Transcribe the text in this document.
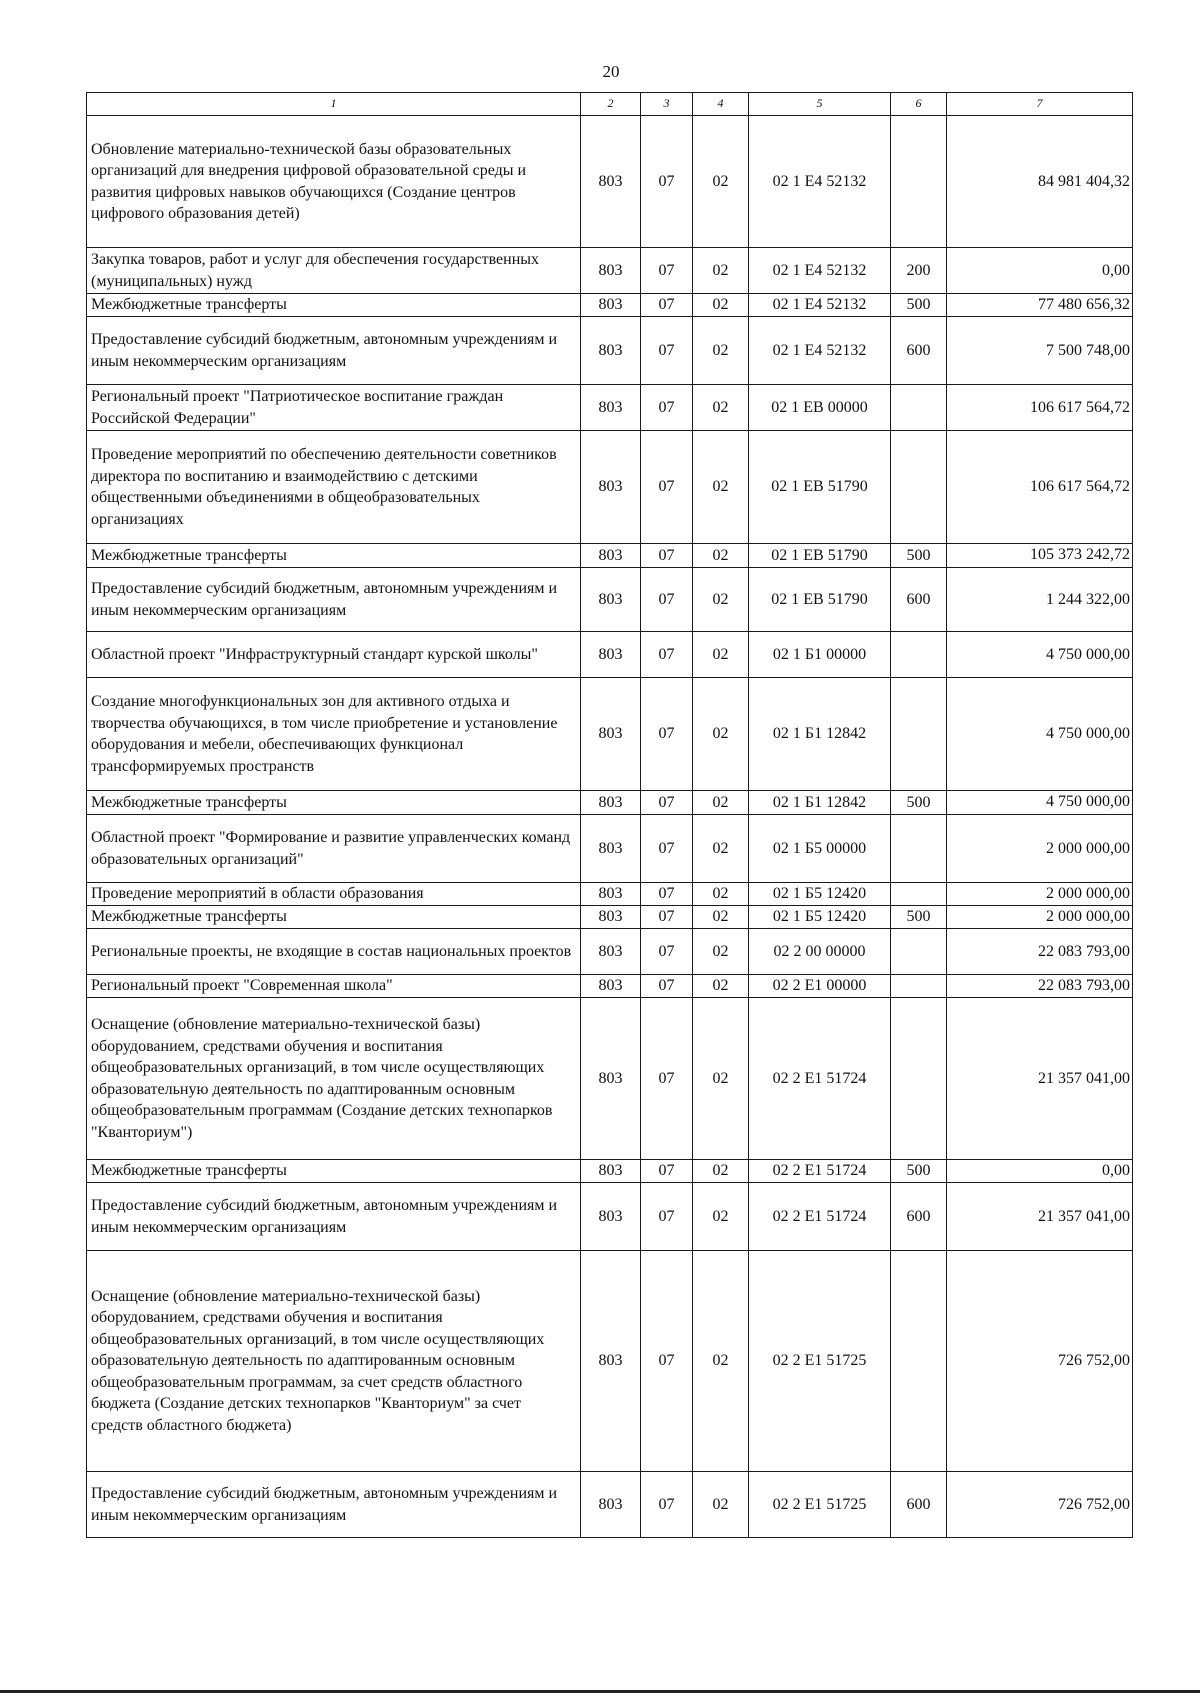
20
1	2	3	4	5	6	7
Обновление материально-технической базы образовательных организаций для внедрения цифровой образовательной среды и развития цифровых навыков обучающихся (Создание центров цифрового образования детей)	803	07	02	02 1 Е4 52132		84 981 404,32
Закупка товаров, работ и услуг для обеспечения государственных (муниципальных) нужд	803	07	02	02 1 Е4 52132	200	0,00
Межбюджетные трансферты	803	07	02	02 1 Е4 52132	500	77 480 656,32
Предоставление субсидий бюджетным, автономным учреждениям и иным некоммерческим организациям	803	07	02	02 1 Е4 52132	600	7 500 748,00
Региональный проект "Патриотическое воспитание граждан Российской Федерации"	803	07	02	02 1 ЕВ 00000		106 617 564,72
Проведение мероприятий по обеспечению деятельности советников директора по воспитанию и взаимодействию с детскими общественными объединениями в общеобразовательных организациях	803	07	02	02 1 ЕВ 51790		106 617 564,72
Межбюджетные трансферты	803	07	02	02 1 ЕВ 51790	500	105 373 242,72
Предоставление субсидий бюджетным, автономным учреждениям и иным некоммерческим организациям	803	07	02	02 1 ЕВ 51790	600	1 244 322,00
Областной проект "Инфраструктурный стандарт курской школы"	803	07	02	02 1 Б1 00000		4 750 000,00
Создание многофункциональных зон для активного отдыха и творчества обучающихся, в том числе приобретение и установление оборудования и мебели, обеспечивающих функционал трансформируемых пространств	803	07	02	02 1 Б1 12842		4 750 000,00
Межбюджетные трансферты	803	07	02	02 1 Б1 12842	500	4 750 000,00
Областной проект "Формирование и развитие управленческих команд образовательных организаций"	803	07	02	02 1 Б5 00000		2 000 000,00
Проведение мероприятий в области образования	803	07	02	02 1 Б5 12420		2 000 000,00
Межбюджетные трансферты	803	07	02	02 1 Б5 12420	500	2 000 000,00
Региональные проекты, не входящие в состав национальных проектов	803	07	02	02 2 00 00000		22 083 793,00
Региональный проект "Современная школа"	803	07	02	02 2 Е1 00000		22 083 793,00
Оснащение (обновление материально-технической базы) оборудованием, средствами обучения и воспитания общеобразовательных организаций, в том числе осуществляющих образовательную деятельность по адаптированным основным общеобразовательным программам (Создание детских технопарков "Кванториум")	803	07	02	02 2 Е1 51724		21 357 041,00
Межбюджетные трансферты	803	07	02	02 2 Е1 51724	500	0,00
Предоставление субсидий бюджетным, автономным учреждениям и иным некоммерческим организациям	803	07	02	02 2 Е1 51724	600	21 357 041,00
Оснащение (обновление материально-технической базы) оборудованием, средствами обучения и воспитания общеобразовательных организаций, в том числе осуществляющих образовательную деятельность по адаптированным основным общеобразовательным программам, за счет средств областного бюджета (Создание детских технопарков "Кванториум" за счет средств областного бюджета)	803	07	02	02 2 Е1 51725		726 752,00
Предоставление субсидий бюджетным, автономным учреждениям и иным некоммерческим организациям	803	07	02	02 2 Е1 51725	600	726 752,00
